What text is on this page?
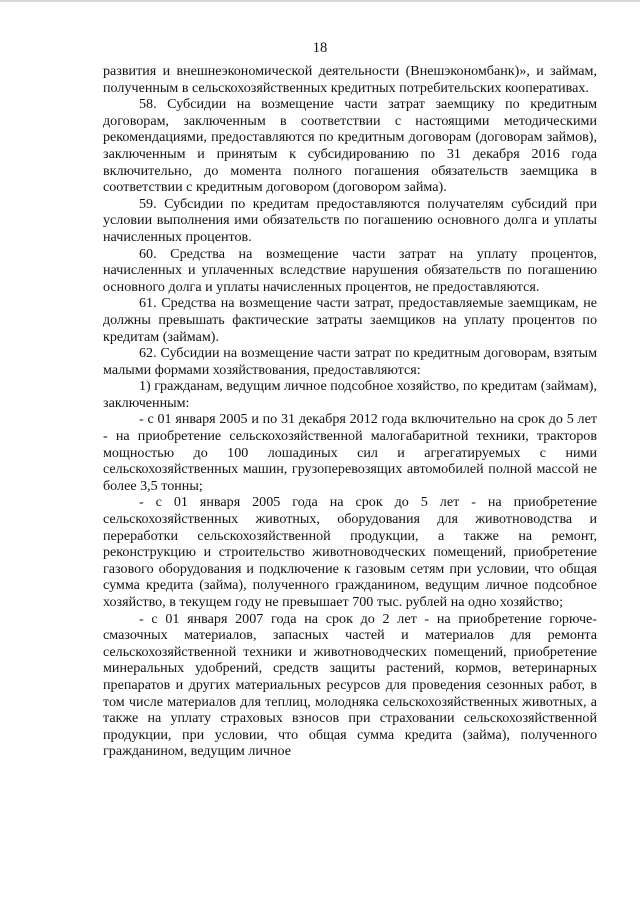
18

развития и внешнеэкономической деятельности (Внешэкономбанк)», и займам, полученным в сельскохозяйственных кредитных потребительских кооперативах.

58. Субсидии на возмещение части затрат заемщику по кредитным договорам, заключенным в соответствии с настоящими методическими рекомендациями, предоставляются по кредитным договорам (договорам займов), заключенным и принятым к субсидированию по 31 декабря 2016 года включительно, до момента полного погашения обязательств заемщика в соответствии с кредитным договором (договором займа).

59. Субсидии по кредитам предоставляются получателям субсидий при условии выполнения ими обязательств по погашению основного долга и уплаты начисленных процентов.

60. Средства на возмещение части затрат на уплату процентов, начисленных и уплаченных вследствие нарушения обязательств по погашению основного долга и уплаты начисленных процентов, не предоставляются.

61. Средства на возмещение части затрат, предоставляемые заемщикам, не должны превышать фактические затраты заемщиков на уплату процентов по кредитам (займам).

62. Субсидии на возмещение части затрат по кредитным договорам, взятым малыми формами хозяйствования, предоставляются:

1) гражданам, ведущим личное подсобное хозяйство, по кредитам (займам), заключенным:

- с 01 января 2005 и по 31 декабря 2012 года включительно на срок до 5 лет - на приобретение сельскохозяйственной малогабаритной техники, тракторов мощностью до 100 лошадиных сил и агрегатируемых с ними сельскохозяйственных машин, грузоперевозящих автомобилей полной массой не более 3,5 тонны;

- с 01 января 2005 года на срок до 5 лет - на приобретение сельскохозяйственных животных, оборудования для животноводства и переработки сельскохозяйственной продукции, а также на ремонт, реконструкцию и строительство животноводческих помещений, приобретение газового оборудования и подключение к газовым сетям при условии, что общая сумма кредита (займа), полученного гражданином, ведущим личное подсобное хозяйство, в текущем году не превышает 700 тыс. рублей на одно хозяйство;

- с 01 января 2007 года на срок до 2 лет - на приобретение горюче-смазочных материалов, запасных частей и материалов для ремонта сельскохозяйственной техники и животноводческих помещений, приобретение минеральных удобрений, средств защиты растений, кормов, ветеринарных препаратов и других материальных ресурсов для проведения сезонных работ, в том числе материалов для теплиц, молодняка сельскохозяйственных животных, а также на уплату страховых взносов при страховании сельскохозяйственной продукции, при условии, что общая сумма кредита (займа), полученного гражданином, ведущим личное
